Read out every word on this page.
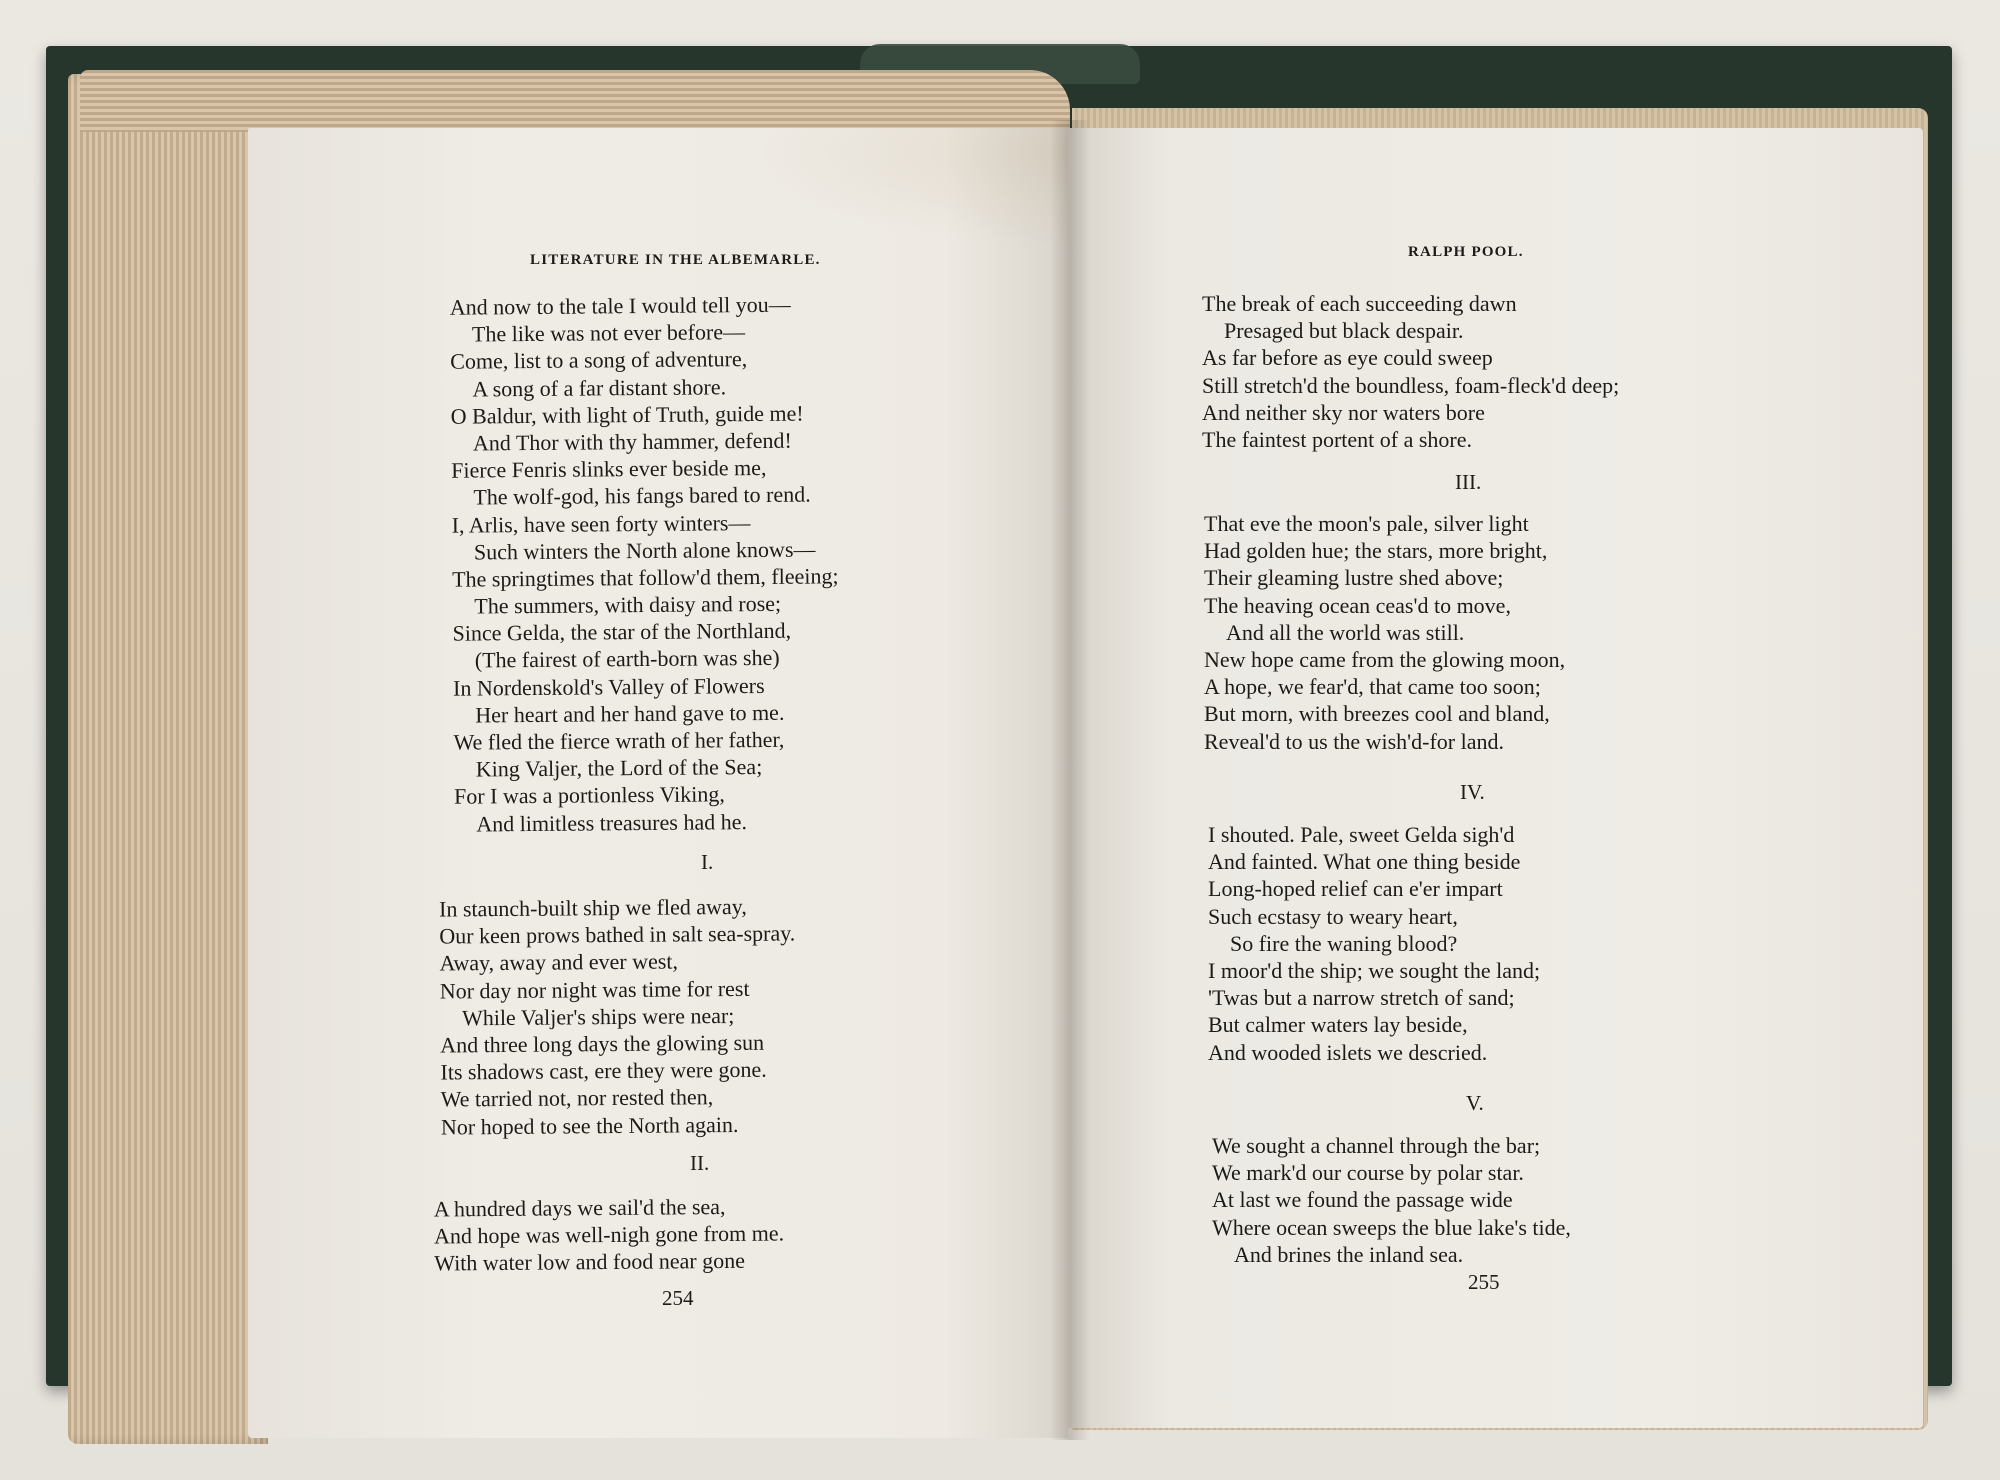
LITERATURE IN THE ALBEMARLE.
And now to the tale I would tell you—
The like was not ever before—
Come, list to a song of adventure,
A song of a far distant shore.
O Baldur, with light of Truth, guide me!
And Thor with thy hammer, defend!
Fierce Fenris slinks ever beside me,
The wolf-god, his fangs bared to rend.
I, Arlis, have seen forty winters—
Such winters the North alone knows—
The springtimes that follow'd them, fleeing;
The summers, with daisy and rose;
Since Gelda, the star of the Northland,
(The fairest of earth-born was she)
In Nordenskold's Valley of Flowers
Her heart and her hand gave to me.
We fled the fierce wrath of her father,
King Valjer, the Lord of the Sea;
For I was a portionless Viking,
And limitless treasures had he.
I.
In staunch-built ship we fled away,
Our keen prows bathed in salt sea-spray.
Away, away and ever west,
Nor day nor night was time for rest
While Valjer's ships were near;
And three long days the glowing sun
Its shadows cast, ere they were gone.
We tarried not, nor rested then,
Nor hoped to see the North again.
II.
A hundred days we sail'd the sea,
And hope was well-nigh gone from me.
With water low and food near gone
254
RALPH POOL.
The break of each succeeding dawn
Presaged but black despair.
As far before as eye could sweep
Still stretch'd the boundless, foam-fleck'd deep;
And neither sky nor waters bore
The faintest portent of a shore.
III.
That eve the moon's pale, silver light
Had golden hue; the stars, more bright,
Their gleaming lustre shed above;
The heaving ocean ceas'd to move,
And all the world was still.
New hope came from the glowing moon,
A hope, we fear'd, that came too soon;
But morn, with breezes cool and bland,
Reveal'd to us the wish'd-for land.
IV.
I shouted. Pale, sweet Gelda sigh'd
And fainted. What one thing beside
Long-hoped relief can e'er impart
Such ecstasy to weary heart,
So fire the waning blood?
I moor'd the ship; we sought the land;
'Twas but a narrow stretch of sand;
But calmer waters lay beside,
And wooded islets we descried.
V.
We sought a channel through the bar;
We mark'd our course by polar star.
At last we found the passage wide
Where ocean sweeps the blue lake's tide,
And brines the inland sea.
255
